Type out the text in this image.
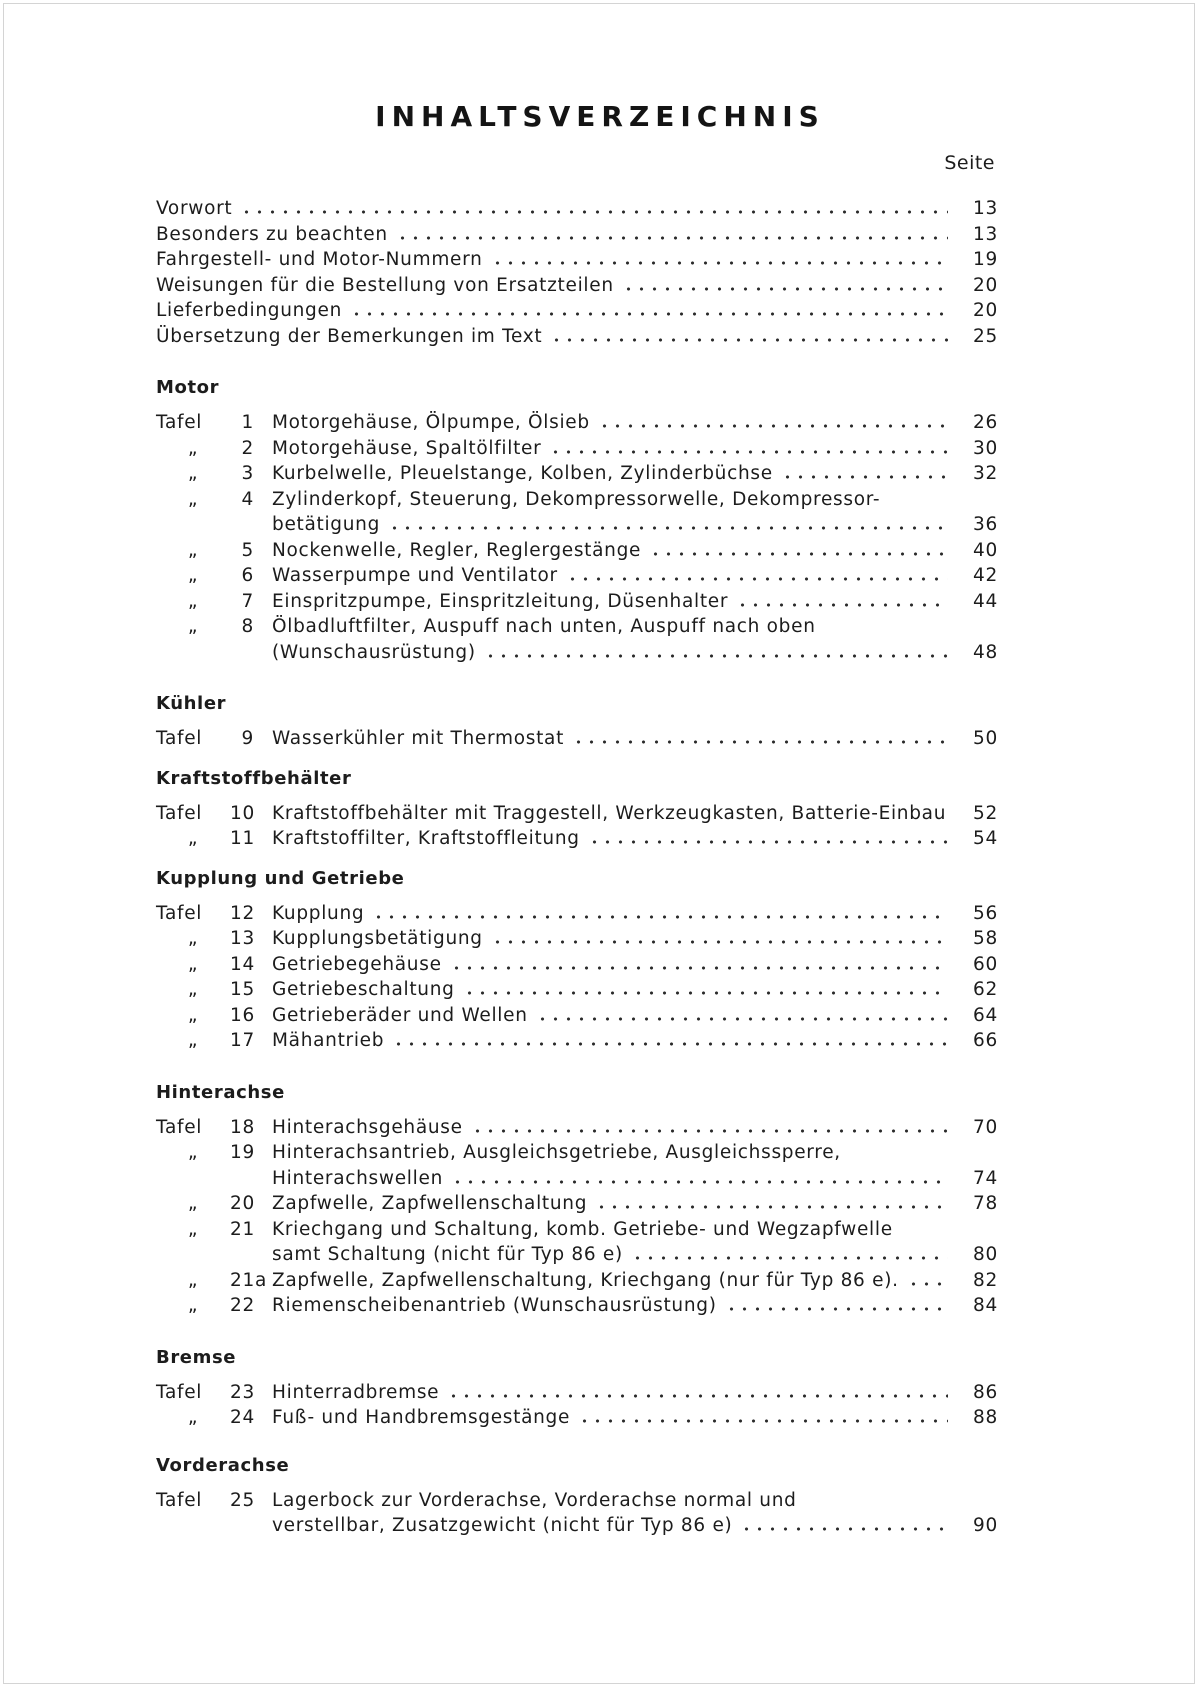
INHALTSVERZEICHNIS
Seite
Vorwort	13
Besonders zu beachten	13
Fahrgestell- und Motor-Nummern	19
Weisungen für die Bestellung von Ersatzteilen	20
Lieferbedingungen	20
Übersetzung der Bemerkungen im Text	25
Motor
Tafel	1 Motorgehäuse, Ölpumpe, Ölsieb	26
„	2 Motorgehäuse, Spaltölfilter	30
„	3 Kurbelwelle, Pleuelstange, Kolben, Zylinderbüchse	32
„	4 Zylinderkopf, Steuerung, Dekompressorwelle, Dekompressor-
betätigung	36
„	5 Nockenwelle, Regler, Reglergestänge	40
„	6 Wasserpumpe und Ventilator	42
„	7 Einspritzpumpe, Einspritzleitung, Düsenhalter	44
„	8 Ölbadluftfilter, Auspuff nach unten, Auspuff nach oben
(Wunschausrüstung)	48
Kühler
Tafel	9 Wasserkühler mit Thermostat	50
Kraftstoffbehälter
Tafel	10 Kraftstoffbehälter mit Traggestell, Werkzeugkasten, Batterie-Einbau	52
„	11 Kraftstoffilter, Kraftstoffleitung	54
Kupplung und Getriebe
Tafel	12 Kupplung	56
„	13 Kupplungsbetätigung	58
„	14 Getriebegehäuse	60
„	15 Getriebeschaltung	62
„	16 Getrieberäder und Wellen	64
„	17 Mähantrieb	66
Hinterachse
Tafel	18 Hinterachsgehäuse	70
„	19 Hinterachsantrieb, Ausgleichsgetriebe, Ausgleichssperre,
Hinterachswellen	74
„	20 Zapfwelle, Zapfwellenschaltung	78
„	21 Kriechgang und Schaltung, komb. Getriebe- und Wegzapfwelle
samt Schaltung (nicht für Typ 86 e)	80
„	21a Zapfwelle, Zapfwellenschaltung, Kriechgang (nur für Typ 86 e).	82
„	22 Riemenscheibenantrieb (Wunschausrüstung)	84
Bremse
Tafel	23 Hinterradbremse	86
„	24 Fuß- und Handbremsgestänge	88
Vorderachse
Tafel	25 Lagerbock zur Vorderachse, Vorderachse normal und
verstellbar, Zusatzgewicht (nicht für Typ 86 e)	90
